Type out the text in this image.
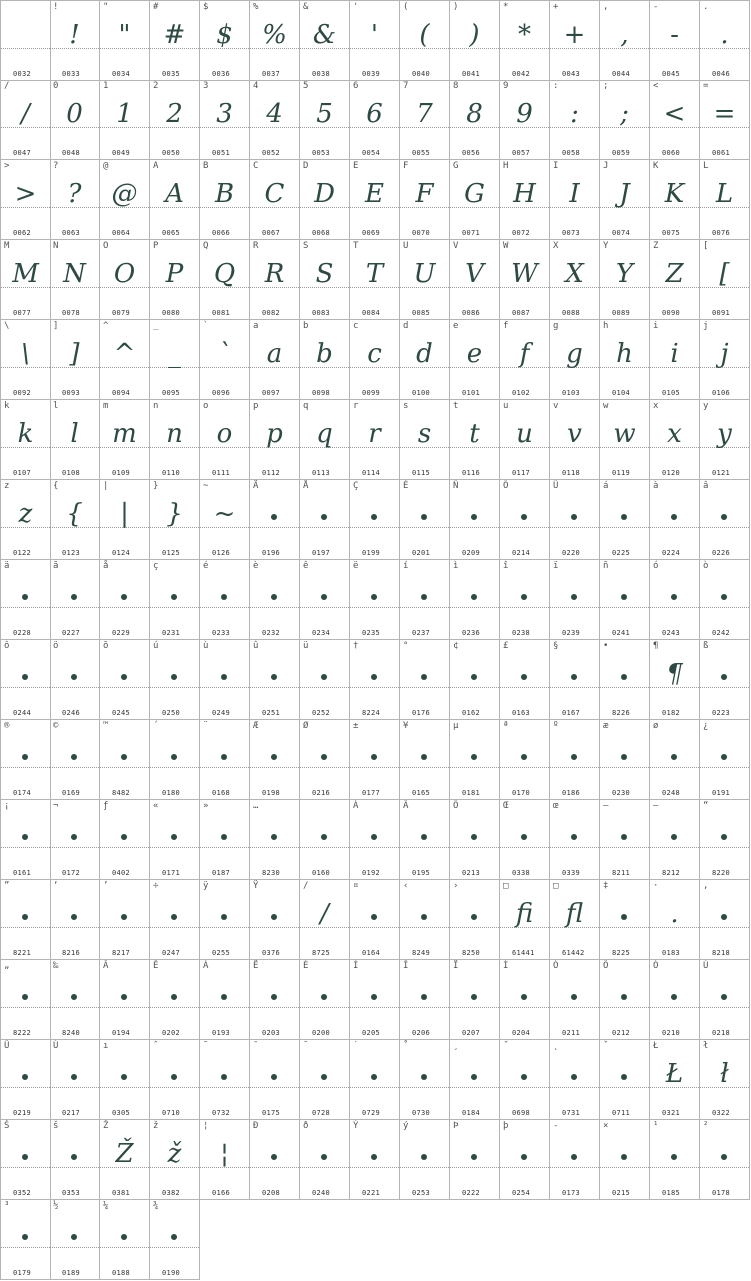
0032
!
!
0033
"
"
0034
#
#
0035
$
$
0036
%
%
0037
&
&
0038
'
'
0039
(
(
0040
)
)
0041
*
*
0042
+
+
0043
,
,
0044
-
-
0045
.
.
0046
/
/
0047
0
0
0048
1
1
0049
2
2
0050
3
3
0051
4
4
0052
5
5
0053
6
6
0054
7
7
0055
8
8
0056
9
9
0057
:
:
0058
;
;
0059
<
<
0060
=
=
0061
>
>
0062
?
?
0063
@
@
0064
A
A
0065
B
B
0066
C
C
0067
D
D
0068
E
E
0069
F
F
0070
G
G
0071
H
H
0072
I
I
0073
J
J
0074
K
K
0075
L
L
0076
M
M
0077
N
N
0078
O
O
0079
P
P
0080
Q
Q
0081
R
R
0082
S
S
0083
T
T
0084
U
U
0085
V
V
0086
W
W
0087
X
X
0088
Y
Y
0089
Z
Z
0090
[
[
0091
\
\
0092
]
]
0093
^
^
0094
_
_
0095
`
`
0096
a
a
0097
b
b
0098
c
c
0099
d
d
0100
e
e
0101
f
f
0102
g
g
0103
h
h
0104
i
i
0105
j
j
0106
k
k
0107
l
l
0108
m
m
0109
n
n
0110
o
o
0111
p
p
0112
q
q
0113
r
r
0114
s
s
0115
t
t
0116
u
u
0117
v
v
0118
w
w
0119
x
x
0120
y
y
0121
z
z
0122
{
{
0123
|
|
0124
}
}
0125
~
~
0126
Ä
0196
Å
0197
Ç
0199
É
0201
Ñ
0209
Ö
0214
Ü
0220
á
0225
à
0224
â
0226
ä
0228
ã
0227
å
0229
ç
0231
é
0233
è
0232
ê
0234
ë
0235
í
0237
ì
0236
î
0238
ï
0239
ñ
0241
ó
0243
ò
0242
ô
0244
ö
0246
õ
0245
ú
0250
ù
0249
û
0251
ü
0252
†
8224
°
0176
¢
0162
£
0163
§
0167
•
8226
¶
¶
0182
ß
0223
®
0174
©
0169
™
8482
´
0180
¨
0168
Æ
0198
Ø
0216
±
0177
¥
0165
µ
0181
ª
0170
º
0186
æ
0230
ø
0248
¿
0191
¡
0161
¬
0172
ƒ
0402
«
0171
»
0187
…
8230	0160
À
0192
Ã
0195
Õ
0213
Œ
0338
œ
0339
–
8211
—
8212
“
8220
”
8221
‘
8216
’
8217
÷
0247
ÿ
0255
Ÿ
0376
/
/
8725
¤
0164
‹
8249
›
8250
□
fi
61441
□
fl
61442
‡
8225
·
.
0183
‚
8218
„
8222
‰
8240
Â
0194
Ê
0202
Á
0193
Ë
0203
È
0200
Í
0205
Î
0206
Ï
0207
Ì
0204
Ó
0211
Ô
0212
Ò
0210
Ú
0218
Û
0219
Ù
0217
ı
0305
ˆ
0710
˜
0732
¯
0175
˘
0728
˙
0729
˚
0730
¸
0184
˝
0698
˛
0731
ˇ
0711
Ł
Ł
0321
ł
ł
0322
Š
0352
š
0353
Ž
Ž
0381
ž
ž
0382
¦
¦
0166
Ð
0208
ð
0240
Ý
0221
ý
0253
Þ
0222
þ
0254
-
0173
×
0215
¹
0185
²
0178
³
0179
½
0189
¼
0188
¾
0190
